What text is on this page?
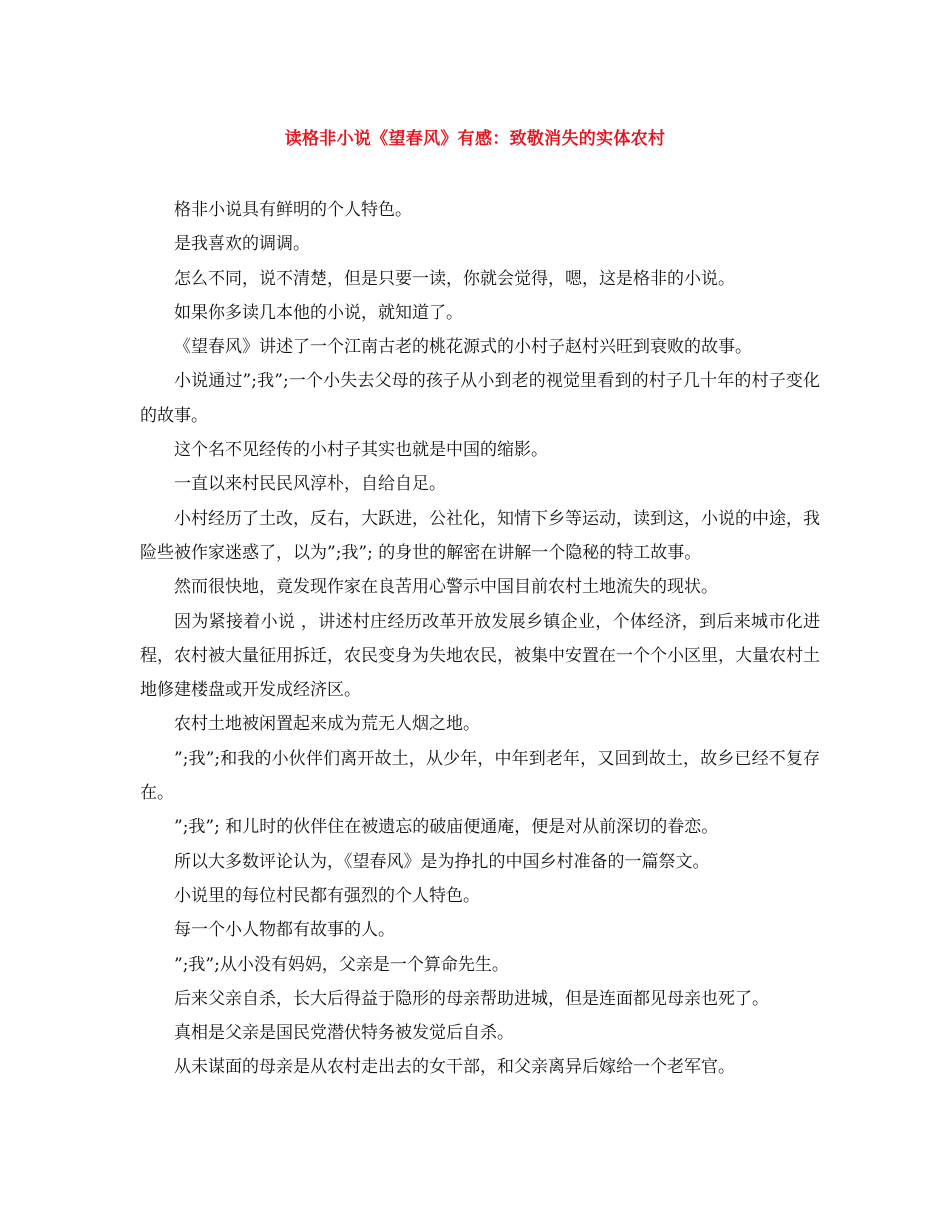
读格非小说《望春风》有感：致敬消失的实体农村

格非小说具有鲜明的个人特色。

是我喜欢的调调。

怎么不同，说不清楚，但是只要一读，你就会觉得，嗯，这是格非的小说。

如果你多读几本他的小说，就知道了。

《望春风》讲述了一个江南古老的桃花源式的小村子赵村兴旺到衰败的故事。

小说通过”;我”;一个小失去父母的孩子从小到老的视觉里看到的村子几十年的村子变化的故事。

这个名不见经传的小村子其实也就是中国的缩影。

一直以来村民民风淳朴，自给自足。

小村经历了土改，反右，大跃进，公社化，知情下乡等运动，读到这，小说的中途，我险些被作家迷惑了，以为”;我”; 的身世的解密在讲解一个隐秘的特工故事。

然而很快地，竟发现作家在良苦用心警示中国目前农村土地流失的现状。

因为紧接着小说 ，讲述村庄经历改革开放发展乡镇企业，个体经济，到后来城市化进程，农村被大量征用拆迁，农民变身为失地农民，被集中安置在一个个小区里，大量农村土地修建楼盘或开发成经济区。

农村土地被闲置起来成为荒无人烟之地。

”;我”;和我的小伙伴们离开故土，从少年，中年到老年，又回到故土，故乡已经不复存在。

”;我”; 和儿时的伙伴住在被遗忘的破庙便通庵，便是对从前深切的眷恋。

所以大多数评论认为，《望春风》是为挣扎的中国乡村准备的一篇祭文。

小说里的每位村民都有强烈的个人特色。

每一个小人物都有故事的人。

”;我”;从小没有妈妈，父亲是一个算命先生。

后来父亲自杀，长大后得益于隐形的母亲帮助进城，但是连面都见母亲也死了。

真相是父亲是国民党潜伏特务被发觉后自杀。

从未谋面的母亲是从农村走出去的女干部，和父亲离异后嫁给一个老军官。
